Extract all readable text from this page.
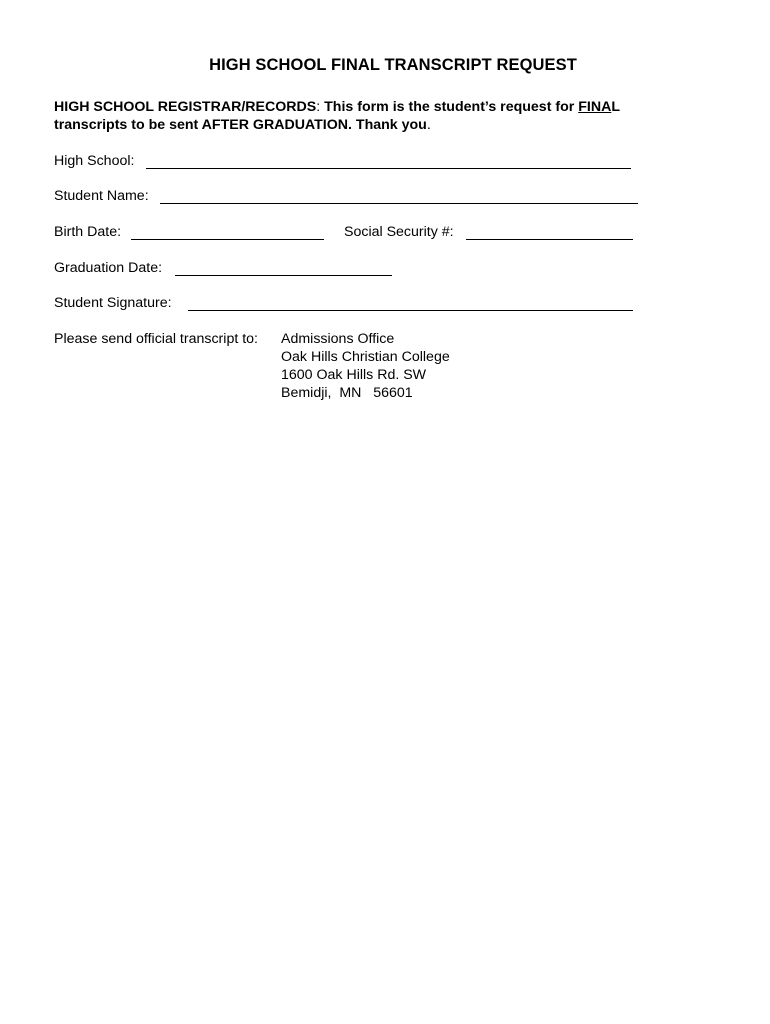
HIGH SCHOOL FINAL TRANSCRIPT REQUEST
HIGH SCHOOL REGISTRAR/RECORDS: This form is the student’s request for FINAL transcripts to be sent AFTER GRADUATION. Thank you.
High School:
Student Name:
Birth Date:	Social Security #:
Graduation Date:
Student Signature:
Please send official transcript to: Admissions Office
Oak Hills Christian College
1600 Oak Hills Rd. SW
Bemidji,  MN   56601
